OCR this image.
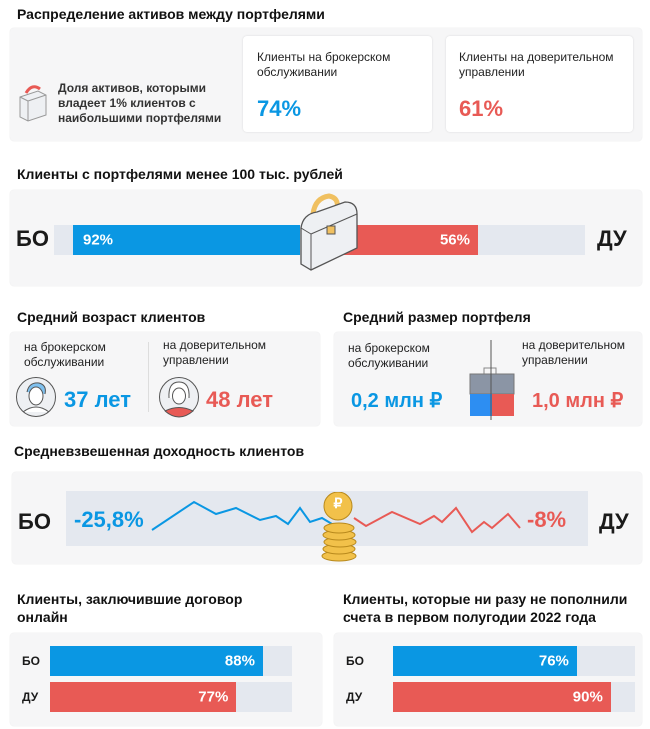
Распределение активов между портфелями
Доля активов, которыми владеет 1% клиентов с наибольшими портфелями
Клиенты на брокерском обслуживании
74%
Клиенты на доверительном управлении
61%
Клиенты с портфелями менее 100 тыс. рублей
БО	ДУ
92%	56%
Средний возраст клиентов
на брокерском обслуживании
37 лет
на доверительном управлении
48 лет
Средний размер портфеля
на брокерском обслуживании
0,2 млн ₽
на доверительном управлении
1,0 млн ₽
Средневзвешенная доходность клиентов
БО	ДУ
-25,8%	-8%
₽
Клиенты, заключившие договор онлайн
БО	88%
ДУ	77%
Клиенты, которые ни разу не пополнили счета в первом полугодии 2022 года
БО	76%
ДУ	90%
